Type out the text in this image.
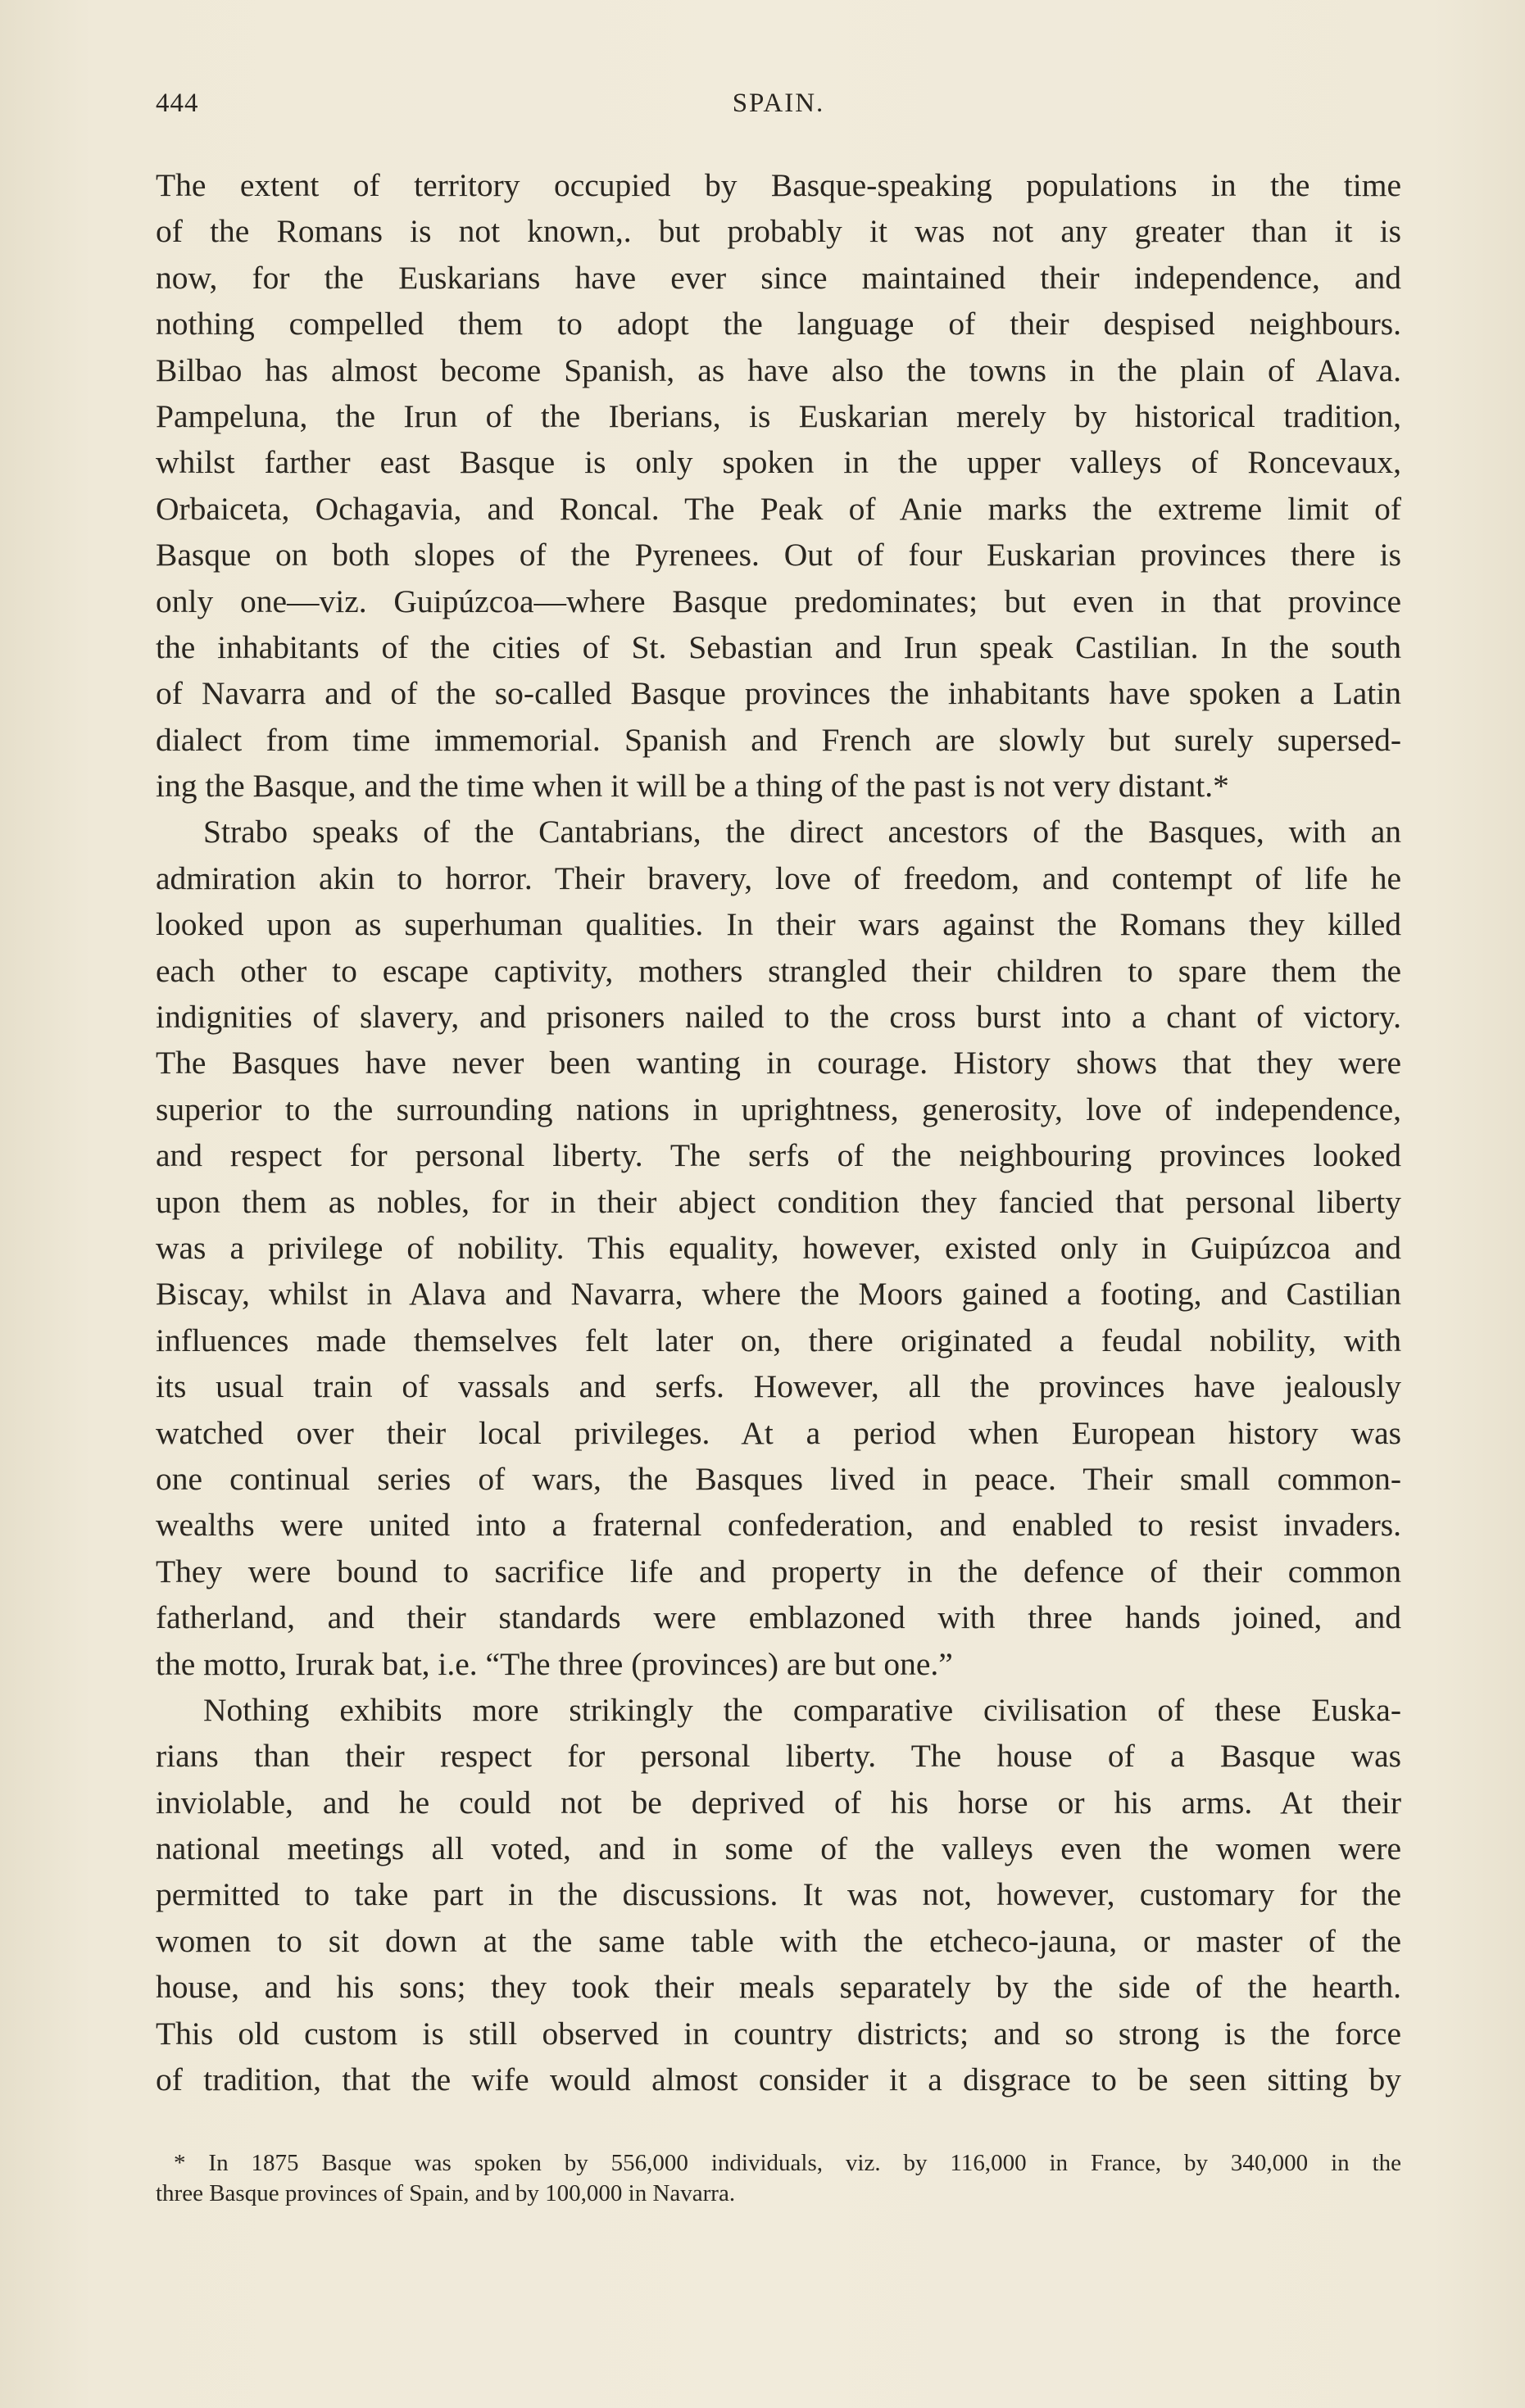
444	SPAIN.
The extent of territory occupied by Basque-speaking populations in the time
of the Romans is not known,. but probably it was not any greater than it is
now, for the Euskarians have ever since maintained their independence, and
nothing compelled them to adopt the language of their despised neighbours.
Bilbao has almost become Spanish, as have also the towns in the plain of Alava.
Pampeluna, the Irun of the Iberians, is Euskarian merely by historical tradition,
whilst farther east Basque is only spoken in the upper valleys of Roncevaux,
Orbaiceta, Ochagavia, and Roncal. The Peak of Anie marks the extreme limit of
Basque on both slopes of the Pyrenees. Out of four Euskarian provinces there is
only one—viz. Guipúzcoa—where Basque predominates; but even in that province
the inhabitants of the cities of St. Sebastian and Irun speak Castilian. In the south
of Navarra and of the so-called Basque provinces the inhabitants have spoken a Latin
dialect from time immemorial. Spanish and French are slowly but surely supersed-
ing the Basque, and the time when it will be a thing of the past is not very distant.*
Strabo speaks of the Cantabrians, the direct ancestors of the Basques, with an
admiration akin to horror. Their bravery, love of freedom, and contempt of life he
looked upon as superhuman qualities. In their wars against the Romans they killed
each other to escape captivity, mothers strangled their children to spare them the
indignities of slavery, and prisoners nailed to the cross burst into a chant of victory.
The Basques have never been wanting in courage. History shows that they were
superior to the surrounding nations in uprightness, generosity, love of independence,
and respect for personal liberty. The serfs of the neighbouring provinces looked
upon them as nobles, for in their abject condition they fancied that personal liberty
was a privilege of nobility. This equality, however, existed only in Guipúzcoa and
Biscay, whilst in Alava and Navarra, where the Moors gained a footing, and Castilian
influences made themselves felt later on, there originated a feudal nobility, with
its usual train of vassals and serfs. However, all the provinces have jealously
watched over their local privileges. At a period when European history was
one continual series of wars, the Basques lived in peace. Their small common-
wealths were united into a fraternal confederation, and enabled to resist invaders.
They were bound to sacrifice life and property in the defence of their common
fatherland, and their standards were emblazoned with three hands joined, and
the motto, Irurak bat, i.e. “The three (provinces) are but one.”
Nothing exhibits more strikingly the comparative civilisation of these Euska-
rians than their respect for personal liberty. The house of a Basque was
inviolable, and he could not be deprived of his horse or his arms. At their
national meetings all voted, and in some of the valleys even the women were
permitted to take part in the discussions. It was not, however, customary for the
women to sit down at the same table with the etcheco-jauna, or master of the
house, and his sons; they took their meals separately by the side of the hearth.
This old custom is still observed in country districts; and so strong is the force
of tradition, that the wife would almost consider it a disgrace to be seen sitting by
* In 1875 Basque was spoken by 556,000 individuals, viz. by 116,000 in France, by 340,000 in the
three Basque provinces of Spain, and by 100,000 in Navarra.
